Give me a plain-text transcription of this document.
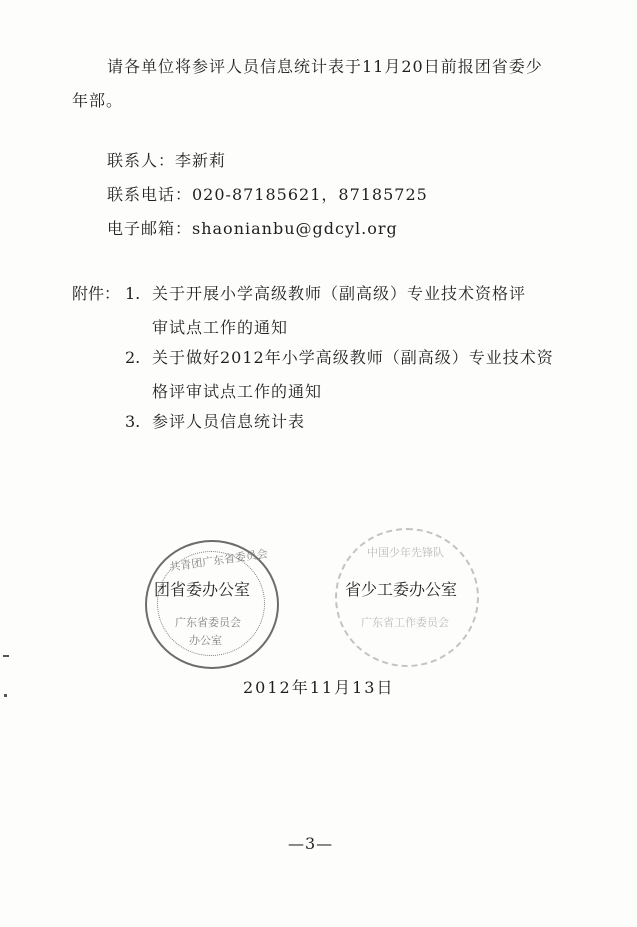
请各单位将参评人员信息统计表于11月20日前报团省委少
年部。
联系人：李新莉
联系电话：020-87185621，87185725
电子邮箱：shaonianbu@gdcyl.org
附件： 1. 关于开展小学高级教师（副高级）专业技术资格评
审试点工作的通知
2. 关于做好2012年小学高级教师（副高级）专业技术资
格评审试点工作的通知
3. 参评人员信息统计表
共青团广东省委员会
广东省委员会
办公室
中国少年先锋队
广东省工作委员会
团省委办公室	省少工委办公室
2012年11月13日
—3—
